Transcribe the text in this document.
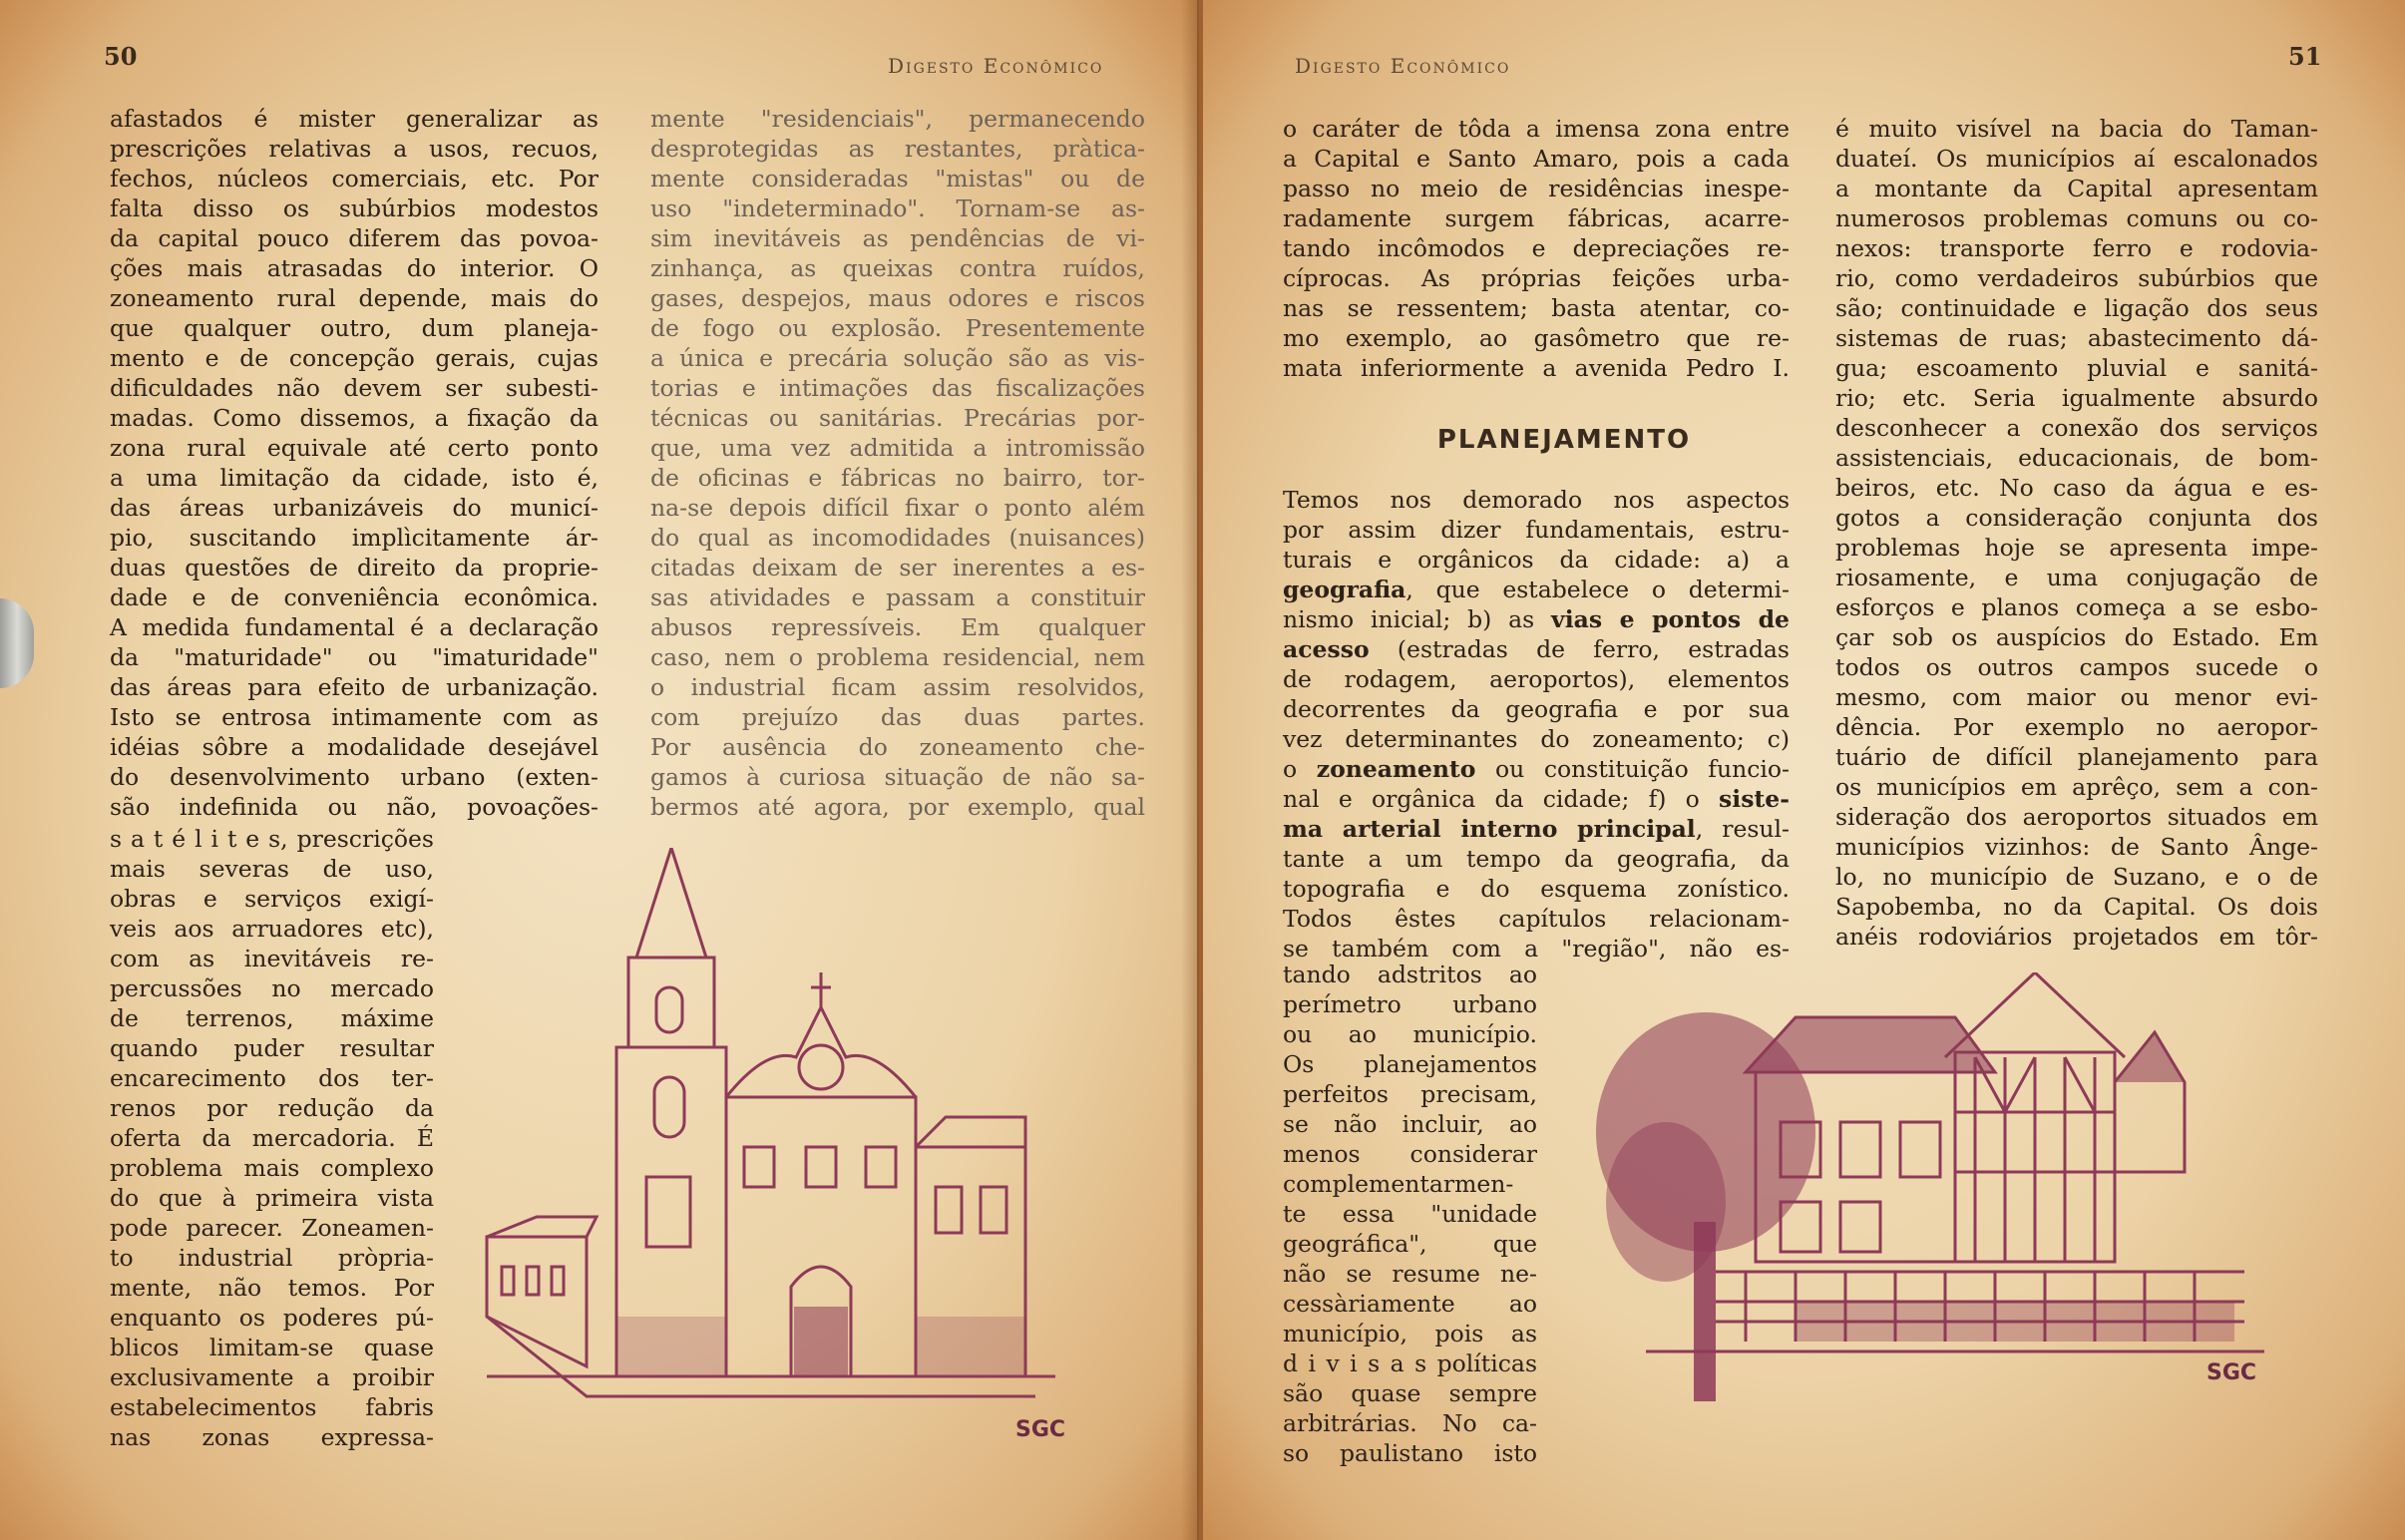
50	Digesto Econômico

afastados é mister generalizar as
prescrições relativas a usos, recuos,
fechos, núcleos comerciais, etc. Por
falta disso os subúrbios modestos
da capital pouco diferem das povoa-
ções mais atrasadas do interior. O
zoneamento rural depende, mais do
que qualquer outro, dum planeja-
mento e de concepção gerais, cujas
dificuldades não devem ser subesti-
madas. Como dissemos, a fixação da
zona rural equivale até certo ponto
a uma limitação da cidade, isto é,
das áreas urbanizáveis do municí-
pio, suscitando implìcitamente ár-
duas questões de direito da proprie-
dade e de conveniência econômica.
A medida fundamental é a declaração
da "maturidade" ou "imaturidade"
das áreas para efeito de urbanização.
Isto se entrosa intimamente com as
idéias sôbre a modalidade desejável
do desenvolvimento urbano (exten-
são indefinida ou não, povoações-

s a t é l i t e s, prescrições
mais severas de uso,
obras e serviços exigí-
veis aos arruadores etc),
com as inevitáveis re-
percussões no mercado
de terrenos, máxime
quando puder resultar
encarecimento dos ter-
renos por redução da
oferta da mercadoria. É
problema mais complexo
do que à primeira vista
pode parecer. Zoneamen-
to industrial pròpria-
mente, não temos. Por
enquanto os poderes pú-
blicos limitam-se quase
exclusivamente a proibir
estabelecimentos fabris
nas zonas expressa-

mente "residenciais", permanecendo
desprotegidas as restantes, pràtica-
mente consideradas "mistas" ou de
uso "indeterminado". Tornam-se as-
sim inevitáveis as pendências de vi-
zinhança, as queixas contra ruídos,
gases, despejos, maus odores e riscos
de fogo ou explosão. Presentemente
a única e precária solução são as vis-
torias e intimações das fiscalizações
técnicas ou sanitárias. Precárias por-
que, uma vez admitida a intromissão
de oficinas e fábricas no bairro, tor-
na-se depois difícil fixar o ponto além
do qual as incomodidades (nuisances)
citadas deixam de ser inerentes a es-
sas atividades e passam a constituir
abusos repressíveis. Em qualquer
caso, nem o problema residencial, nem
o industrial ficam assim resolvidos,
com prejuízo das duas partes.

Por ausência do zoneamento che-
gamos à curiosa situação de não sa-
bermos até agora, por exemplo, qual

SGC
Digesto Econômico	51

o caráter de tôda a imensa zona entre
a Capital e Santo Amaro, pois a cada
passo no meio de residências inespe-
radamente surgem fábricas, acarre-
tando incômodos e depreciações re-
cíprocas. As próprias feições urba-
nas se ressentem; basta atentar, co-
mo exemplo, ao gasômetro que re-
mata inferiormente a avenida Pedro I.

PLANEJAMENTO

Temos nos demorado nos aspectos
por assim dizer fundamentais, estru-
turais e orgânicos da cidade: a) a
geografia, que estabelece o determi-
nismo inicial; b) as vias e pontos de
acesso (estradas de ferro, estradas
de rodagem, aeroportos), elementos
decorrentes da geografia e por sua
vez determinantes do zoneamento; c)
o zoneamento ou constituição funcio-
nal e orgânica da cidade; f) o siste-
ma arterial interno principal, resul-
tante a um tempo da geografia, da
topografia e do esquema zonístico.

Todos êstes capítulos relacionam-
se também com a "região", não es-

tando adstritos ao
perímetro urbano
ou ao município.
Os planejamentos
perfeitos precisam,
se não incluir, ao
menos considerar
complementarmen-
te essa "unidade
geográfica", que
não se resume ne-
cessàriamente ao
município, pois as
d i v i s a s políticas
são quase sempre
arbitrárias. No ca-
so paulistano isto

é muito visível na bacia do Taman-
duateí. Os municípios aí escalonados
a montante da Capital apresentam
numerosos problemas comuns ou co-
nexos: transporte ferro e rodovia-
rio, como verdadeiros subúrbios que
são; continuidade e ligação dos seus
sistemas de ruas; abastecimento dá-
gua; escoamento pluvial e sanitá-
rio; etc. Seria igualmente absurdo
desconhecer a conexão dos serviços
assistenciais, educacionais, de bom-
beiros, etc. No caso da água e es-
gotos a consideração conjunta dos
problemas hoje se apresenta impe-
riosamente, e uma conjugação de
esforços e planos começa a se esbo-
çar sob os auspícios do Estado. Em
todos os outros campos sucede o
mesmo, com maior ou menor evi-
dência. Por exemplo no aeropor-
tuário de difícil planejamento para
os municípios em aprêço, sem a con-
sideração dos aeroportos situados em
municípios vizinhos: de Santo Ânge-
lo, no município de Suzano, e o de
Sapobemba, no da Capital. Os dois
anéis rodoviários projetados em tôr-

SGC
